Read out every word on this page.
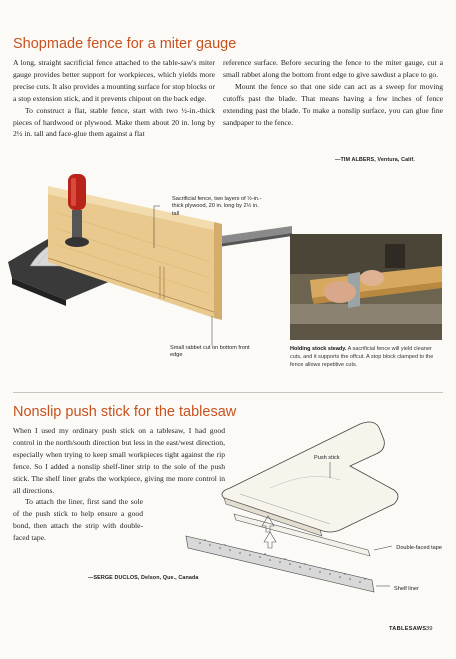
Shopmade fence for a miter gauge

A long, straight sacrificial fence attached to the table-saw's miter gauge provides better support for workpieces, which yields more precise cuts. It also provides a mounting surface for stop blocks or a stop extension stick, and it prevents chipout on the back edge.

To construct a flat, stable fence, start with two ½-in.-thick pieces of hardwood or plywood. Make them about 20 in. long by 2½ in. tall and face-glue them against a flat

reference surface. Before securing the fence to the miter gauge, cut a small rabbet along the bottom front edge to give sawdust a place to go.

Mount the fence so that one side can act as a sweep for moving cutoffs past the blade. That means having a few inches of fence extending past the blade. To make a nonslip surface, you can glue fine sandpaper to the fence.

—TIM ALBERS, Ventura, Calif.
Sacrificial fence, two layers of ½-in.-thick plywood, 20 in. long by 2½ in. tall
Small rabbet cut on bottom front edge
Holding stock steady. A sacrificial fence will yield cleaner cuts, and it supports the offcut. A stop block clamped to the fence allows repetitive cuts.
Nonslip push stick for the tablesaw

When I used my ordinary push stick on a tablesaw, I had good control in the north/south direction but less in the east/west direction, especially when trying to keep small workpieces tight against the rip fence. So I added a nonslip shelf-liner strip to the sole of the push stick. The shelf liner grabs the workpiece, giving me more control in all directions.

To attach the liner, first sand the sole of the push stick to help ensure a good bond, then attach the strip with double-faced tape.

—SERGE DUCLOS, Delson, Que., Canada
Push stick
Double-faced tape
Shelf liner
TABLESAWS 39
